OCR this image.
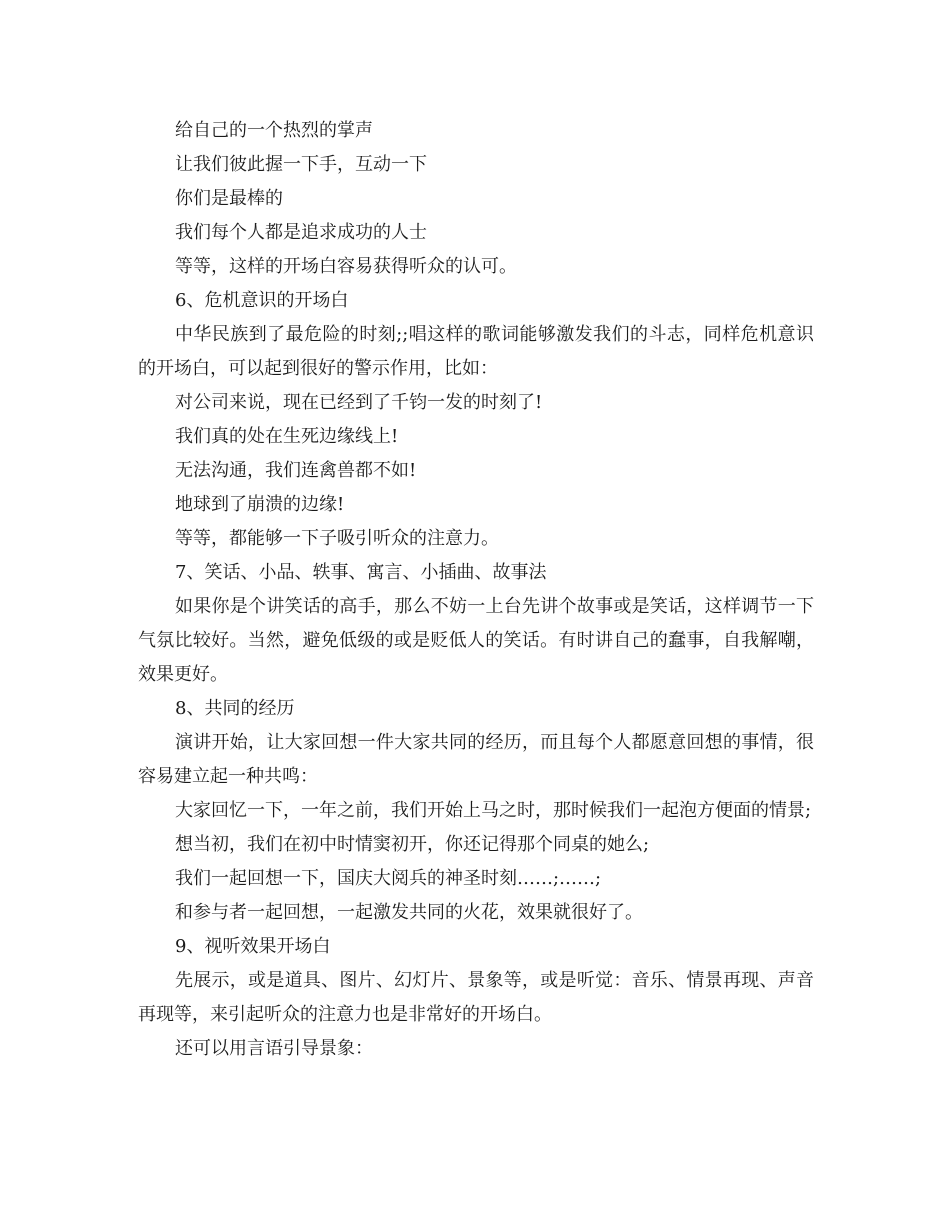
给自己的一个热烈的掌声

让我们彼此握一下手，互动一下

你们是最棒的

我们每个人都是追求成功的人士

等等，这样的开场白容易获得听众的认可。

6、危机意识的开场白

中华民族到了最危险的时刻;;唱这样的歌词能够激发我们的斗志，同样危机意识的开场白，可以起到很好的警示作用，比如：

对公司来说，现在已经到了千钧一发的时刻了!

我们真的处在生死边缘线上!

无法沟通，我们连禽兽都不如!

地球到了崩溃的边缘!

等等，都能够一下子吸引听众的注意力。

7、笑话、小品、轶事、寓言、小插曲、故事法

如果你是个讲笑话的高手，那么不妨一上台先讲个故事或是笑话，这样调节一下气氛比较好。当然，避免低级的或是贬低人的笑话。有时讲自己的蠢事，自我解嘲，效果更好。

8、共同的经历

演讲开始，让大家回想一件大家共同的经历，而且每个人都愿意回想的事情，很容易建立起一种共鸣：

大家回忆一下，一年之前，我们开始上马之时，那时候我们一起泡方便面的情景;

想当初，我们在初中时情窦初开，你还记得那个同桌的她么;

我们一起回想一下，国庆大阅兵的神圣时刻……;……;

和参与者一起回想，一起激发共同的火花，效果就很好了。

9、视听效果开场白

先展示，或是道具、图片、幻灯片、景象等，或是听觉：音乐、情景再现、声音再现等，来引起听众的注意力也是非常好的开场白。

还可以用言语引导景象：
